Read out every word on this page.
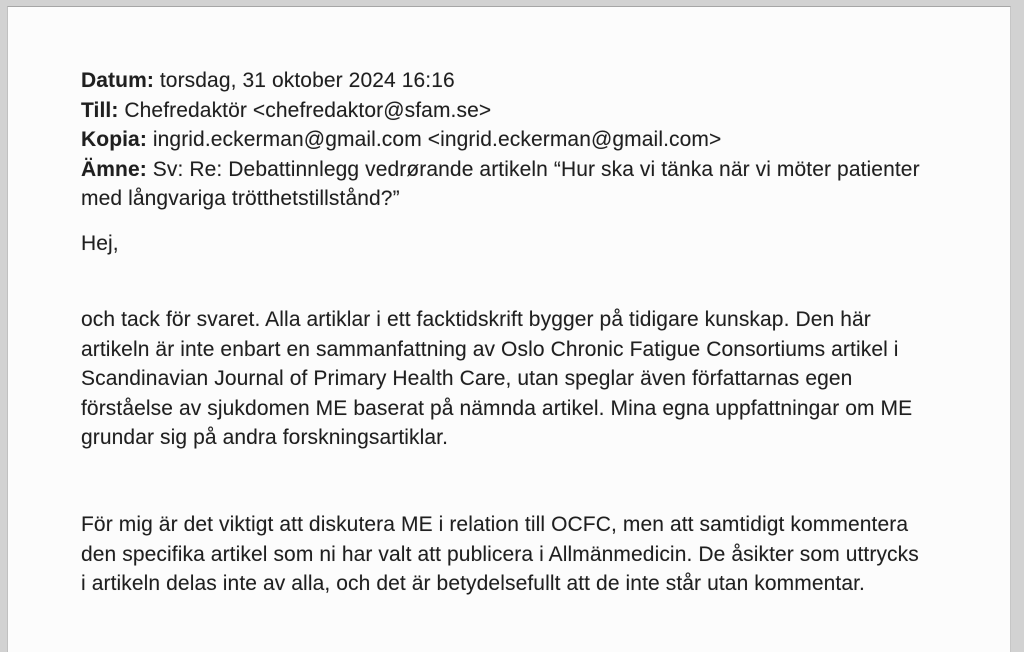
Datum: torsdag, 31 oktober 2024 16:16
Till: Chefredaktör <chefredaktor@sfam.se>
Kopia: ingrid.eckerman@gmail.com <ingrid.eckerman@gmail.com>
Ämne: Sv: Re: Debattinnlegg vedrørande artikeln “Hur ska vi tänka när vi möter patienter
med långvariga trötthetstillstånd?”
Hej,
och tack för svaret. Alla artiklar i ett facktidskrift bygger på tidigare kunskap. Den här
artikeln är inte enbart en sammanfattning av Oslo Chronic Fatigue Consortiums artikel i
Scandinavian Journal of Primary Health Care, utan speglar även författarnas egen
förståelse av sjukdomen ME baserat på nämnda artikel. Mina egna uppfattningar om ME
grundar sig på andra forskningsartiklar.
För mig är det viktigt att diskutera ME i relation till OCFC, men att samtidigt kommentera
den specifika artikel som ni har valt att publicera i Allmänmedicin. De åsikter som uttrycks
i artikeln delas inte av alla, och det är betydelsefullt att de inte står utan kommentar.
